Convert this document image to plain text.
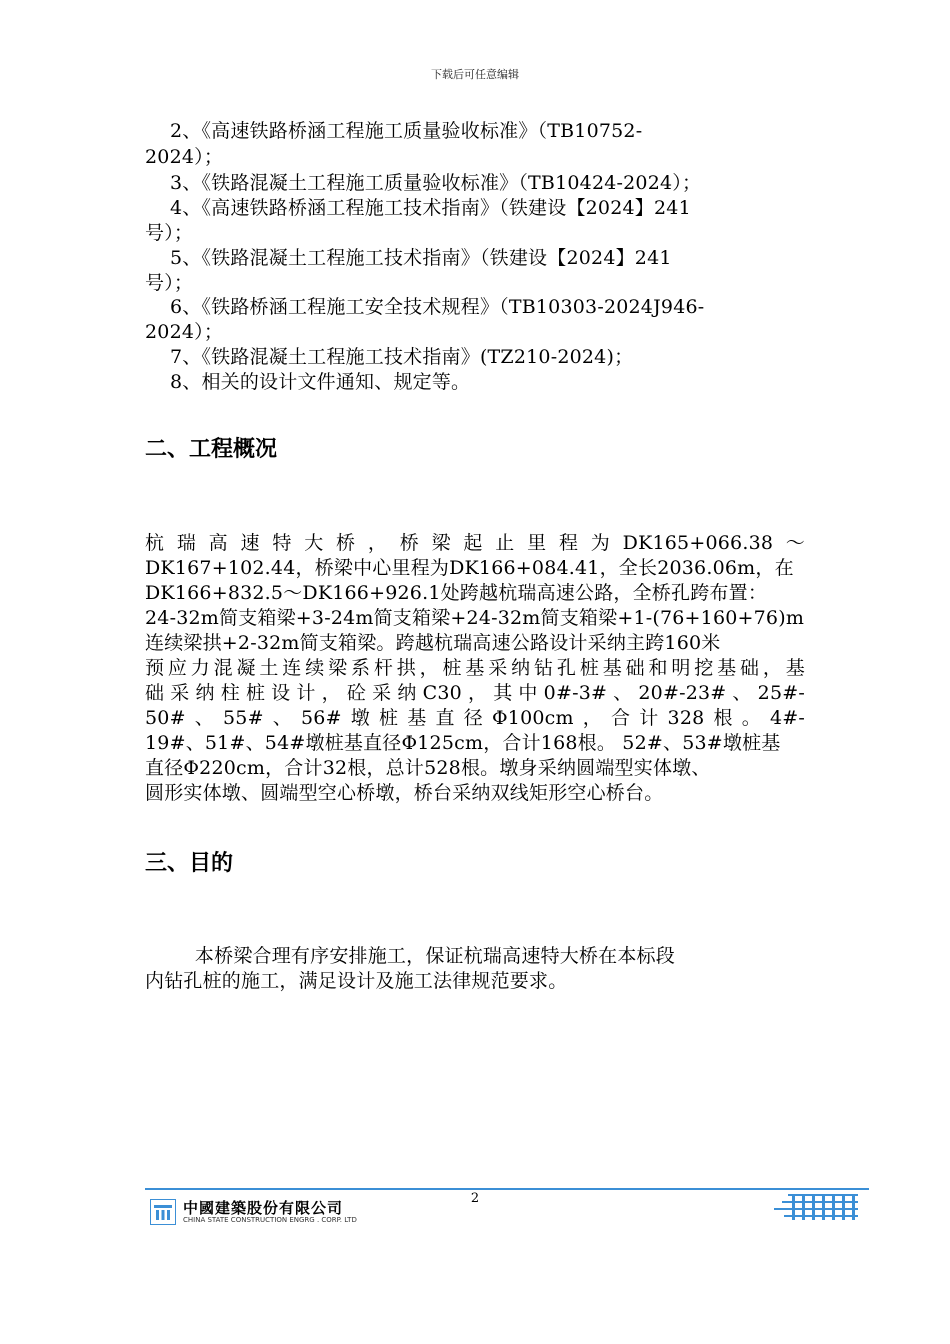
下载后可任意编辑
2、《高速铁路桥涵工程施工质量验收标准》（TB10752-
2024）；
3、《铁路混凝土工程施工质量验收标准》（TB10424-2024）；
4、《高速铁路桥涵工程施工技术指南》（铁建设【2024】241
号）；
5、《铁路混凝土工程施工技术指南》（铁建设【2024】241
号）；
6、《铁路桥涵工程施工安全技术规程》（TB10303-2024J946-
2024）；
7、《铁路混凝土工程施工技术指南》(TZ210-2024)；
8、相关的设计文件通知、规定等。
二、工程概况
杭瑞高速特大桥，桥梁起止里程为DK165+066.38～
DK167+102.44，桥梁中心里程为DK166+084.41，全长2036.06m，在
DK166+832.5～DK166+926.1处跨越杭瑞高速公路，全桥孔跨布置：
24-32m简支箱梁+3-24m简支箱梁+24-32m简支箱梁+1-(76+160+76)m
连续梁拱+2-32m简支箱梁。跨越杭瑞高速公路设计采纳主跨160米
预应力混凝土连续梁系杆拱，桩基采纳钻孔桩基础和明挖基础，基
础采纳柱桩设计，砼采纳C30，其中0#-3#、20#-23#、25#-
50#、55#、56#墩桩基直径Φ100cm，合计328根。4#-
19#、51#、54#墩桩基直径Φ125cm，合计168根。 52#、53#墩桩基
直径Φ220cm，合计32根，总计528根。墩身采纳圆端型实体墩、
圆形实体墩、圆端型空心桥墩，桥台采纳双线矩形空心桥台。
三、目的
本桥梁合理有序安排施工，保证杭瑞高速特大桥在本标段
内钻孔桩的施工，满足设计及施工法律规范要求。
2
中國建築股份有限公司
CHINA STATE CONSTRUCTION ENGRG . CORP. LTD
